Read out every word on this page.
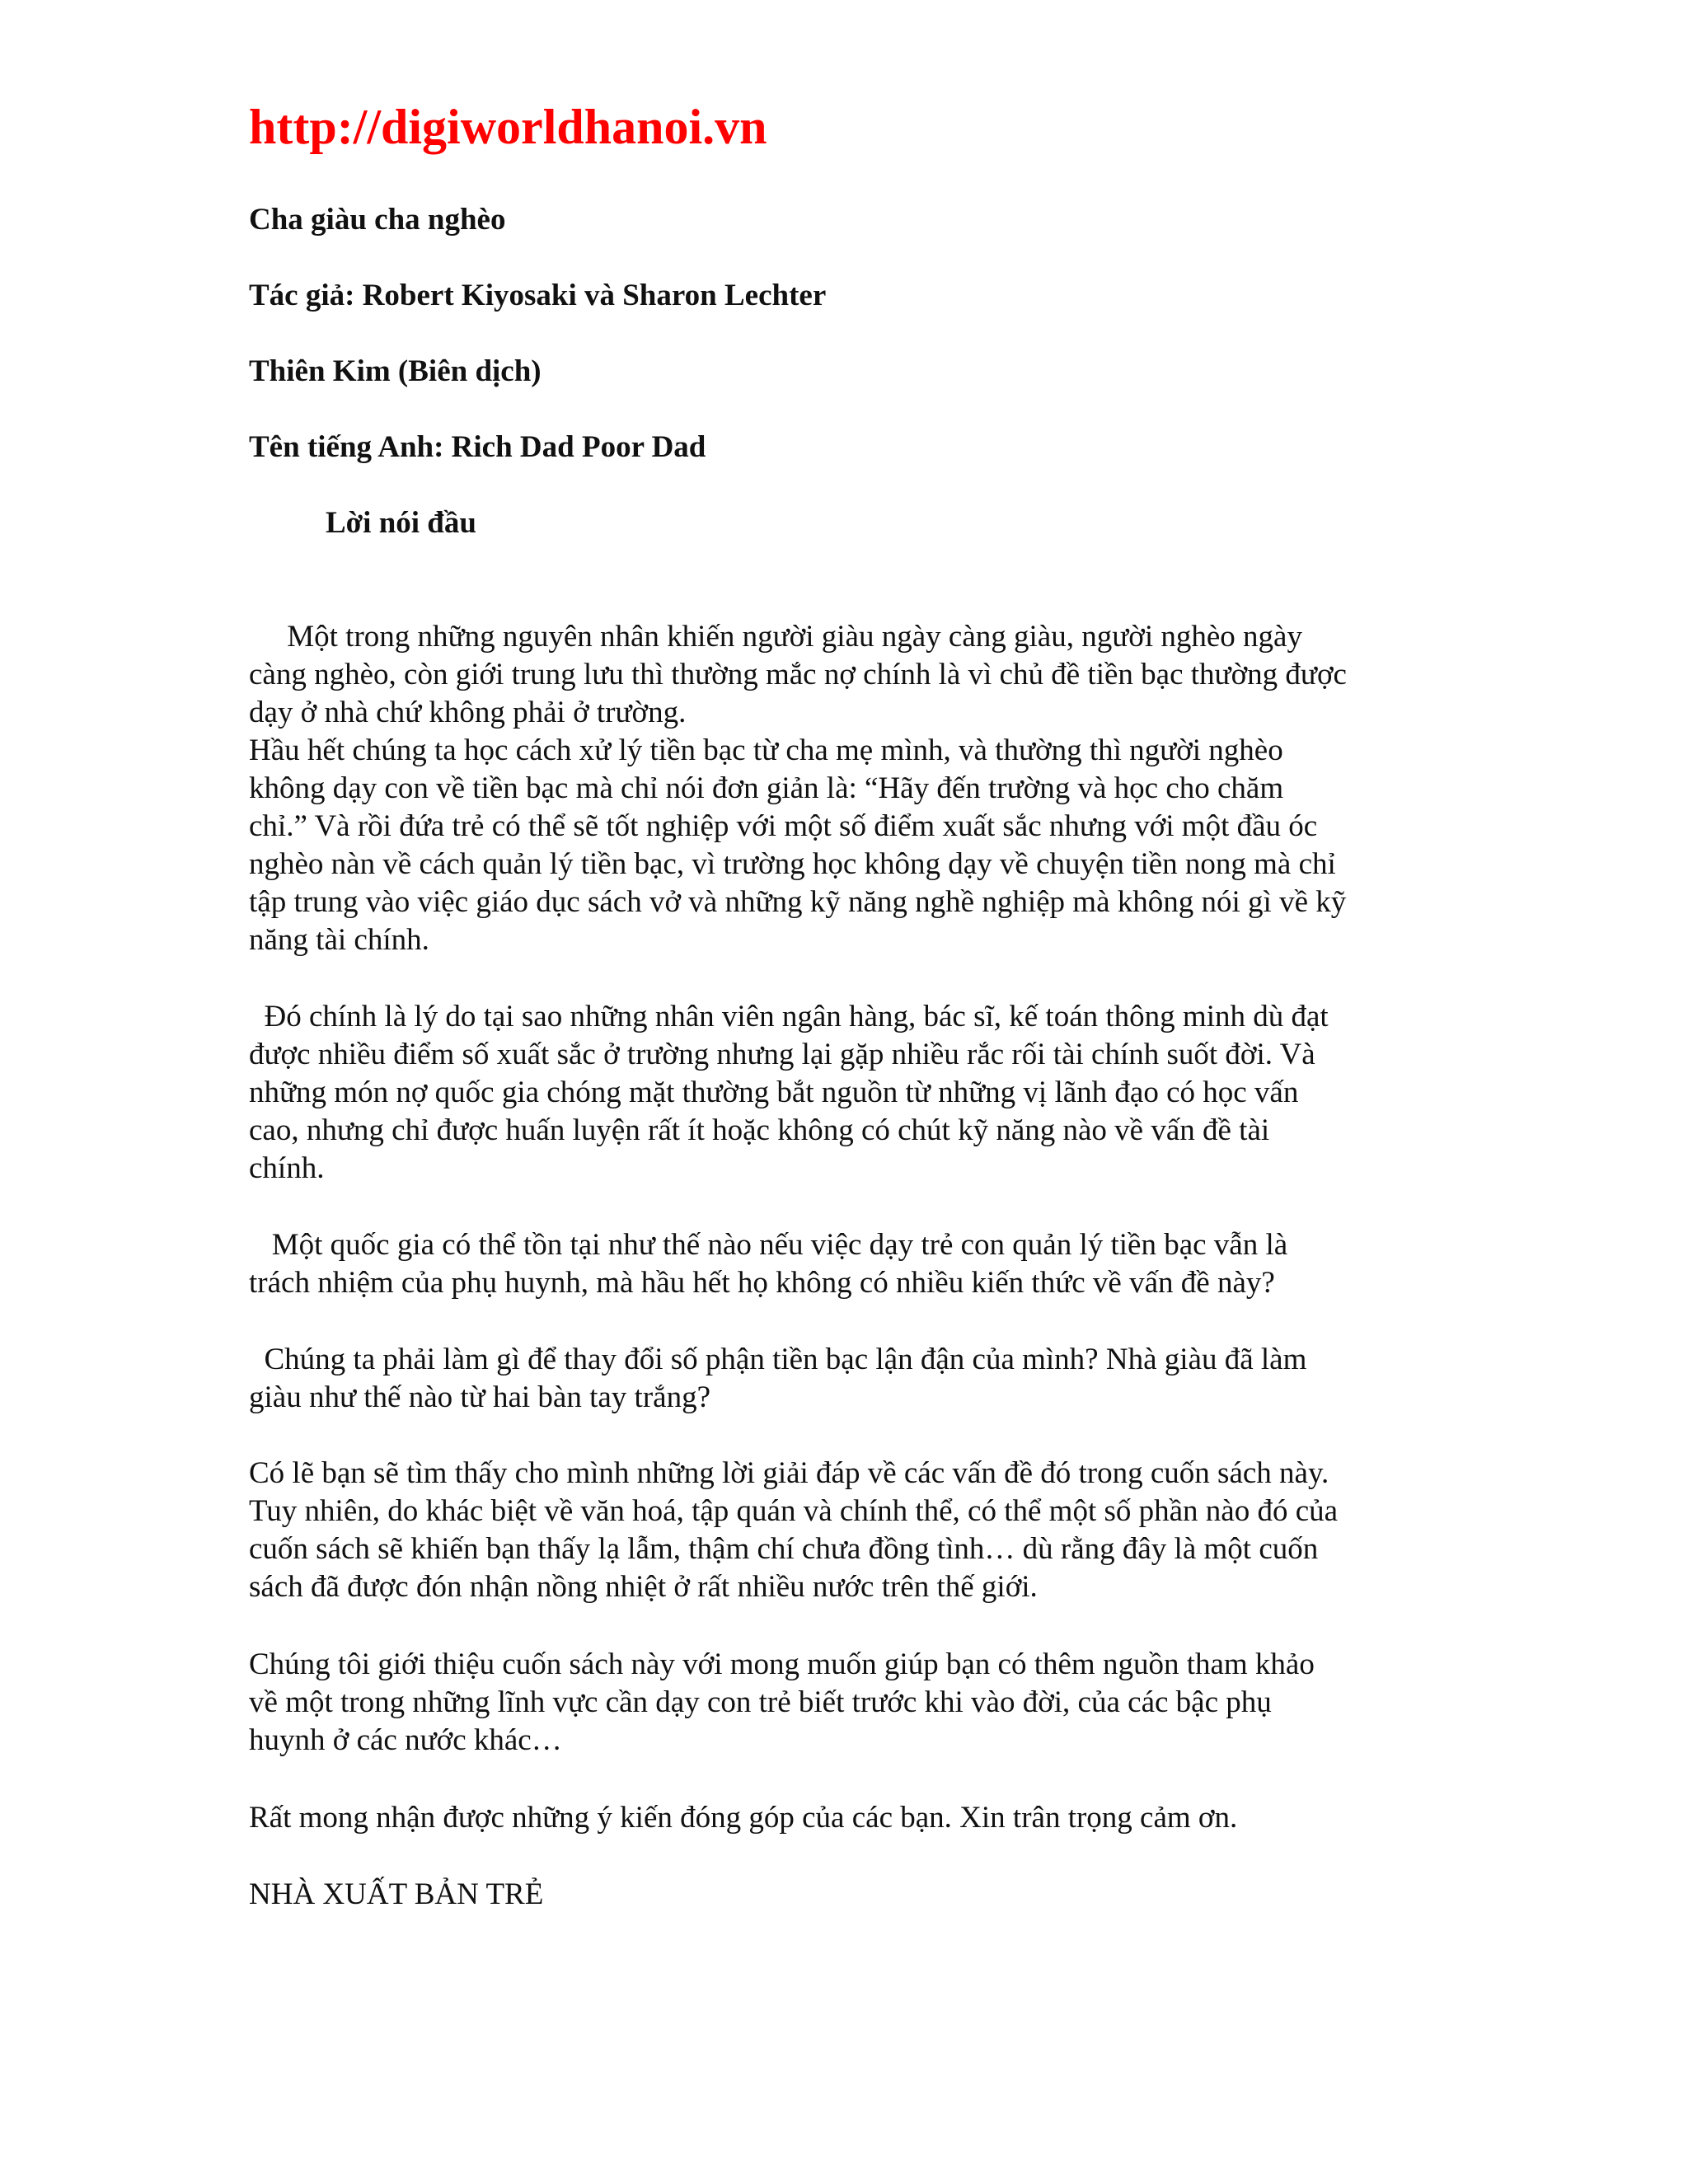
http://digiworldhanoi.vn
Cha giàu cha nghèo
Tác giả: Robert Kiyosaki và Sharon Lechter
Thiên Kim (Biên dịch)
Tên tiếng Anh: Rich Dad Poor Dad
Lời nói đầu
Một trong những nguyên nhân khiến người giàu ngày càng giàu, người nghèo ngày
càng nghèo, còn giới trung lưu thì thường mắc nợ chính là vì chủ đề tiền bạc thường được
dạy ở nhà chứ không phải ở trường.
Hầu hết chúng ta học cách xử lý tiền bạc từ cha mẹ mình, và thường thì người nghèo
không dạy con về tiền bạc mà chỉ nói đơn giản là: “Hãy đến trường và học cho chăm
chỉ.” Và rồi đứa trẻ có thể sẽ tốt nghiệp với một số điểm xuất sắc nhưng với một đầu óc
nghèo nàn về cách quản lý tiền bạc, vì trường học không dạy về chuyện tiền nong mà chỉ
tập trung vào việc giáo dục sách vở và những kỹ năng nghề nghiệp mà không nói gì về kỹ
năng tài chính.
Đó chính là lý do tại sao những nhân viên ngân hàng, bác sĩ, kế toán thông minh dù đạt
được nhiều điểm số xuất sắc ở trường nhưng lại gặp nhiều rắc rối tài chính suốt đời. Và
những món nợ quốc gia chóng mặt thường bắt nguồn từ những vị lãnh đạo có học vấn
cao, nhưng chỉ được huấn luyện rất ít hoặc không có chút kỹ năng nào về vấn đề tài
chính.
Một quốc gia có thể tồn tại như thế nào nếu việc dạy trẻ con quản lý tiền bạc vẫn là
trách nhiệm của phụ huynh, mà hầu hết họ không có nhiều kiến thức về vấn đề này?
Chúng ta phải làm gì để thay đổi số phận tiền bạc lận đận của mình? Nhà giàu đã làm
giàu như thế nào từ hai bàn tay trắng?
Có lẽ bạn sẽ tìm thấy cho mình những lời giải đáp về các vấn đề đó trong cuốn sách này.
Tuy nhiên, do khác biệt về văn hoá, tập quán và chính thể, có thể một số phần nào đó của
cuốn sách sẽ khiến bạn thấy lạ lẫm, thậm chí chưa đồng tình… dù rằng đây là một cuốn
sách đã được đón nhận nồng nhiệt ở rất nhiều nước trên thế giới.
Chúng tôi giới thiệu cuốn sách này với mong muốn giúp bạn có thêm nguồn tham khảo
về một trong những lĩnh vực cần dạy con trẻ biết trước khi vào đời, của các bậc phụ
huynh ở các nước khác…
Rất mong nhận được những ý kiến đóng góp của các bạn. Xin trân trọng cảm ơn.
NHÀ XUẤT BẢN TRẺ
